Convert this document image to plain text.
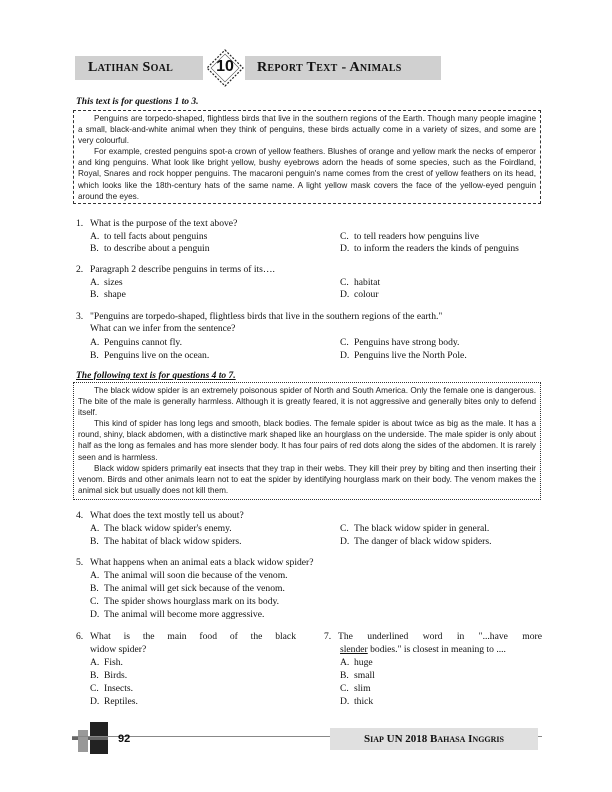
Latihan Soal	10	Report Text - Animals
This text is for questions 1 to 3.

Penguins are torpedo-shaped, flightless birds that live in the southern regions of the Earth. Though many people imagine a small, black-and-white animal when they think of penguins, these birds actually come in a variety of sizes, and some are very colourful.

For example, crested penguins spot-a crown of yellow feathers. Blushes of orange and yellow mark the necks of emperor and king penguins. What look like bright yellow, bushy eyebrows adorn the heads of some species, such as the Foirdland, Royal, Snares and rock hopper penguins. The macaroni penguin's name comes from the crest of yellow feathers on its head, which looks like the 18th-century hats of the same name. A light yellow mask covers the face of the yellow-eyed penguin around the eyes.

1. What is the purpose of the text above?
A. to tell facts about penguins
B. to describe about a penguin
C. to tell readers how penguins live
D. to inform the readers the kinds of penguins
2. Paragraph 2 describe penguins in terms of its….
A. sizes
B. shape
C. habitat
D. colour
3. "Penguins are torpedo-shaped, flightless birds that live in the southern regions of the earth."
What can we infer from the sentence?
A. Penguins cannot fly.
B. Penguins live on the ocean.
C. Penguins have strong body.
D. Penguins live the North Pole.
The following text is for questions 4 to 7.

The black widow spider is an extremely poisonous spider of North and South America. Only the female one is dangerous. The bite of the male is generally harmless. Although it is greatly feared, it is not aggressive and generally bites only to defend itself.

This kind of spider has long legs and smooth, black bodies. The female spider is about twice as big as the male. It has a round, shiny, black abdomen, with a distinctive mark shaped like an hourglass on the underside. The male spider is only about half as the long as females and has more slender body. It has four pairs of red dots along the sides of the abdomen. It is rarely seen and is harmless.

Black widow spiders primarily eat insects that they trap in their webs. They kill their prey by biting and then inserting their venom. Birds and other animals learn not to eat the spider by identifying hourglass mark on their body. The venom makes the animal sick but usually does not kill them.

4. What does the text mostly tell us about?
A. The black widow spider's enemy.
B. The habitat of black widow spiders.
C. The black widow spider in general.
D. The danger of black widow spiders.
5. What happens when an animal eats a black widow spider?
A. The animal will soon die because of the venom.
B. The animal will get sick because of the venom.
C. The spider shows hourglass mark on its body.
D. The animal will become more aggressive.
6. What is the main food of the black
widow spider?
A. Fish.
B. Birds.
C. Insects.
D. Reptiles.
7. The underlined word in "...have more
slender bodies." is closest in meaning to ....
A. huge
B. small
C. slim
D. thick
92	Siap UN 2018 Bahasa Inggris
